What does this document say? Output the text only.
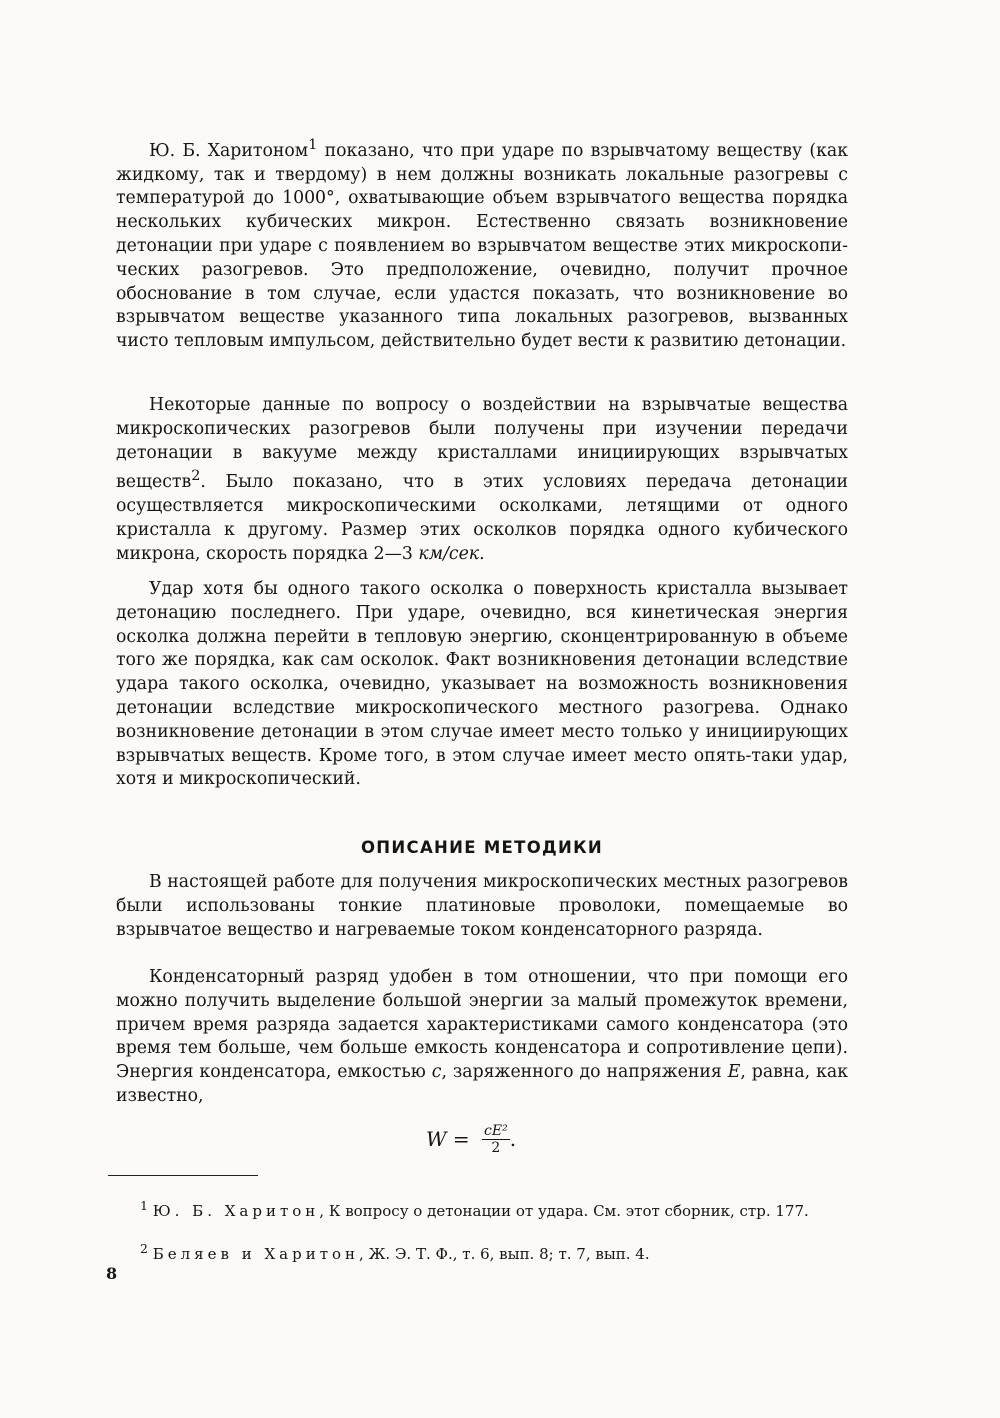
Ю. Б. Харитоном$^1$ показано, что при ударе по взрывчатому веществу (как жидкому, так и твердому) в нем должны возникать локальные разогревы с температурой до 1000°, охватывающие объем взрывчатого вещества порядка нескольких кубических микрон. Естественно связать возникновение детонации при ударе с появлением во взрывчатом веществе этих микроскопических разогревов. Это предположение, очевидно, получит прочное обоснование в том случае, если удастся показать, что возникновение во взрывчатом веществе указанного типа локальных разогревов, вызванных чисто тепловым импульсом, действительно будет вести к развитию детонации.

Некоторые данные по вопросу о воздействии на взрывчатые вещества микроскопических разогревов были получены при изучении передачи детонации в вакууме между кристаллами инициирующих взрывчатых веществ$^2$. Было показано, что в этих условиях передача детонации осуществляется микроскопическими осколками, летящими от одного кристалла к другому. Размер этих осколков порядка одного кубического микрона, скорость порядка 2—3 км/сек.

Удар хотя бы одного такого осколка о поверхность кристалла вызывает детонацию последнего. При ударе, очевидно, вся кинетическая энергия осколка должна перейти в тепловую энергию, сконцентрированную в объеме того же порядка, как сам осколок. Факт возникновения детонации вследствие удара такого осколка, очевидно, указывает на возможность возникновения детонации вследствие микроскопического местного разогрева. Однако возникновение детонации в этом случае имеет место только у инициирующих взрывчатых веществ. Кроме того, в этом случае имеет место опять-таки удар, хотя и микроскопический.

ОПИСАНИЕ МЕТОДИКИ

В настоящей работе для получения микроскопических местных разогревов были использованы тонкие платиновые проволоки, помещаемые во взрывчатое вещество и нагреваемые током конденсаторного разряда.

Конденсаторный разряд удобен в том отношении, что при помощи его можно получить выделение большой энергии за малый промежуток времени, причем время разряда задается характеристиками самого конденсатора (это время тем больше, чем больше емкость конденсатора и сопротивление цепи). Энергия конденсатора, емкостью c, заряженного до напряжения E, равна, как известно,

$W = \frac{\text{cE²}}{2}$ .

$^1$ Ю. Б. Харитон, К вопросу о детонации от удара. См. этот сборник, стр. 177.

$^2$ Беляев и Харитон, Ж. Э. Т. Ф., т. 6, вып. 8; т. 7, вып. 4.

8
